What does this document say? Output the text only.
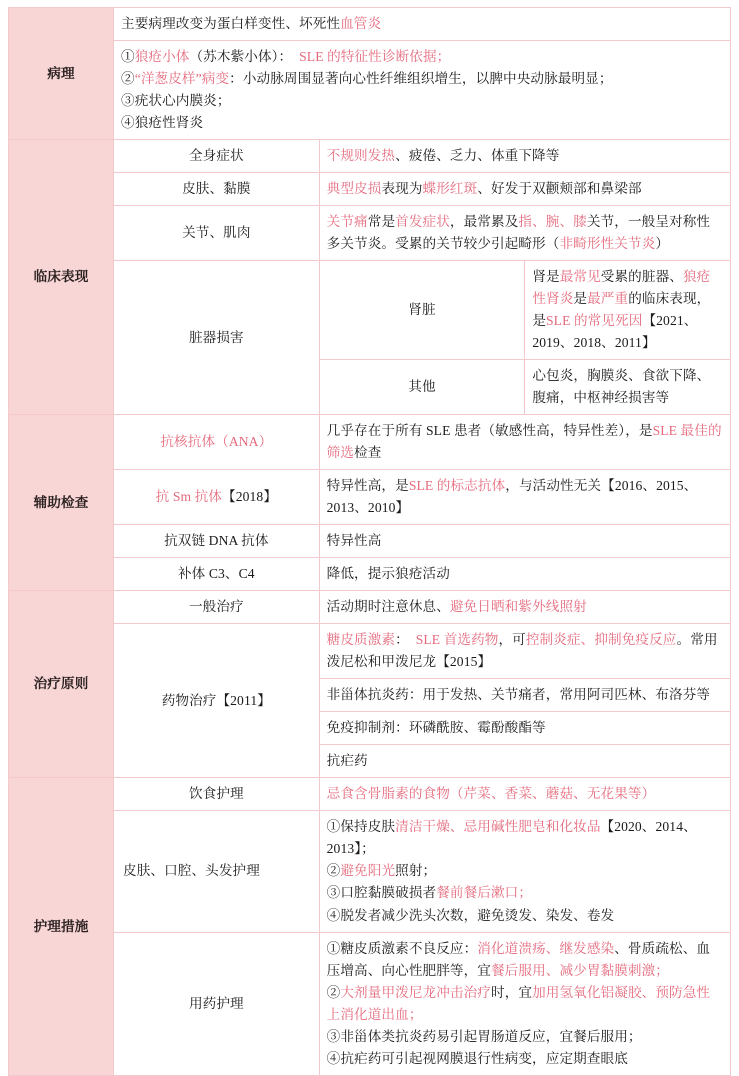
病理	主要病理改变为蛋白样变性、坏死性血管炎		

	①狼疮小体（苏木紫小体）：　SLE 的特征性诊断依据；
②“洋葱皮样”病变：小动脉周围显著向心性纤维组织增生，以脾中央动脉最明显；
③疣状心内膜炎；
④狼疮性肾炎		

临床表现	全身症状	不规则发热、疲倦、乏力、体重下降等	
	皮肤、黏膜	典型皮损表现为蝶形红斑、好发于双颧颊部和鼻梁部	
	关节、肌肉	关节痛常是首发症状，最常累及指、腕、膝关节，一般呈对称性多关节炎。受累的关节较少引起畸形（非畸形性关节炎）	
	脏器损害	肾脏	肾是最常见受累的脏器、狼疮性肾炎是最严重的临床表现，是SLE 的常见死因【2021、2019、2018、2011】
		其他	心包炎，胸膜炎、食欲下降、腹痛，中枢神经损害等
辅助检查	抗核抗体（ANA）	几乎存在于所有 SLE 患者（敏感性高，特异性差），是SLE 最佳的筛选检查	
	抗 Sm 抗体【2018】	特异性高，是SLE 的标志抗体，与活动性无关【2016、2015、2013、2010】	
	抗双链 DNA 抗体	特异性高	
	补体 C3、C4	降低，提示狼疮活动	
治疗原则	一般治疗	活动期时注意休息、避免日晒和紫外线照射	
	药物治疗【2011】	糖皮质激素：　SLE 首选药物，可控制炎症、抑制免疫反应。常用泼尼松和甲泼尼龙【2015】	
		非甾体抗炎药：用于发热、关节痛者，常用阿司匹林、布洛芬等	
		免疫抑制剂：环磷酰胺、霉酚酸酯等	
		抗疟药	
护理措施	饮食护理	忌食含骨脂素的食物（芹菜、香菜、蘑菇、无花果等）	
	皮肤、口腔、头发护理	①保持皮肤清洁干燥、忌用碱性肥皂和化妆品【2020、2014、2013】；
②避免阳光照射；
③口腔黏膜破损者餐前餐后漱口；
④脱发者减少洗头次数，避免烫发、染发、卷发	

	用药护理	①糖皮质激素不良反应：消化道溃疡、继发感染、骨质疏松、血压增高、向心性肥胖等，宜餐后服用、减少胃黏膜刺激；
②大剂量甲泼尼龙冲击治疗时，宜加用氢氧化铝凝胶、预防急性上消化道出血；
③非甾体类抗炎药易引起胃肠道反应，宜餐后服用；
④抗疟药可引起视网膜退行性病变，应定期查眼底	
